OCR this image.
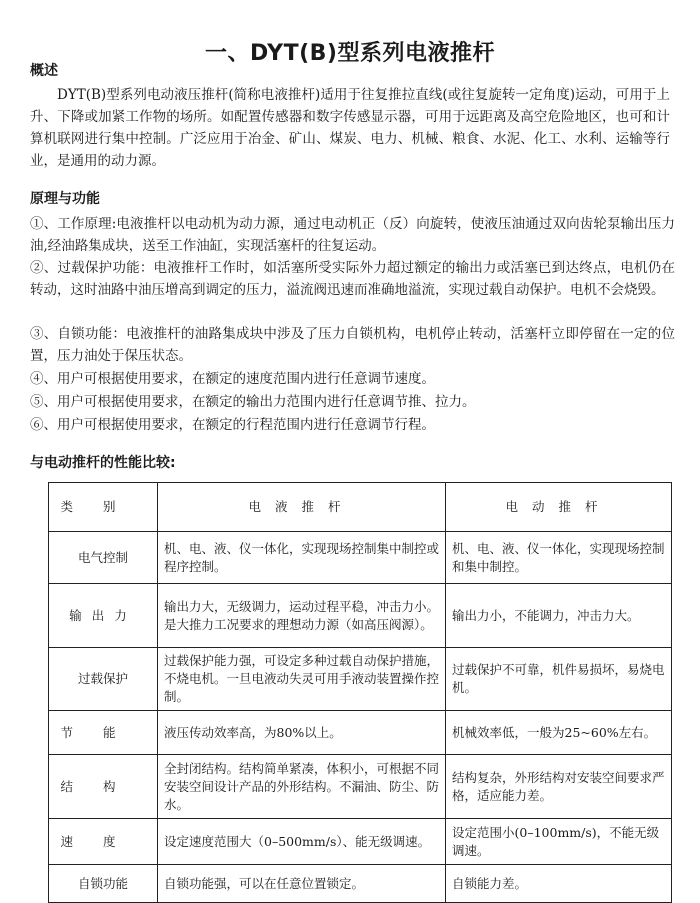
一、DYT(B)型系列电液推杆
概述
DYT(B)型系列电动液压推杆(简称电液推杆)适用于往复推拉直线(或往复旋转一定角度)运动，可用于上升、下降或加紧工作物的场所。如配置传感器和数字传感显示器，可用于远距离及高空危险地区，也可和计算机联网进行集中控制。广泛应用于冶金、矿山、煤炭、电力、机械、粮食、水泥、化工、水利、运输等行业，是通用的动力源。
原理与功能
①、工作原理:电液推杆以电动机为动力源，通过电动机正（反）向旋转，使液压油通过双向齿轮泵输出压力油,经油路集成块，送至工作油缸，实现活塞杆的往复运动。
②、过载保护功能：电液推杆工作时，如活塞所受实际外力超过额定的输出力或活塞已到达终点，电机仍在转动，这时油路中油压增高到调定的压力，溢流阀迅速而准确地溢流，实现过载自动保护。电机不会烧毁。
③、自锁功能：电液推杆的油路集成块中涉及了压力自锁机构，电机停止转动，活塞杆立即停留在一定的位置，压力油处于保压状态。
④、用户可根据使用要求，在额定的速度范围内进行任意调节速度。
⑤、用户可根据使用要求，在额定的输出力范围内进行任意调节推、拉力。
⑥、用户可根据使用要求，在额定的行程范围内进行任意调节行程。
与电动推杆的性能比较:
类别	电液推杆	电动推杆
电气控制	机、电、液、仪一体化，实现现场控制集中制控或程序控制。	机、电、液、仪一体化，实现现场控制和集中制控。
输出力	输出力大，无级调力，运动过程平稳，冲击力小。是大推力工况要求的理想动力源（如高压阀源）。	输出力小，不能调力，冲击力大。
过载保护	过载保护能力强，可设定多种过载自动保护措施，不烧电机。一旦电液动失灵可用手液动装置操作控制。	过载保护不可靠，机件易损坏，易烧电机。
节能	液压传动效率高，为80%以上。	机械效率低，一般为25~60%左右。
结构	全封闭结构。结构简单紧凑，体积小，可根据不同安装空间设计产品的外形结构。不漏油、防尘、防水。	结构复杂，外形结构对安装空间要求严格，适应能力差。
速度	设定速度范围大（0–500mm/s）、能无级调速。	设定范围小(0–100mm/s)，不能无级调速。
自锁功能	自锁功能强，可以在任意位置锁定。	自锁能力差。
